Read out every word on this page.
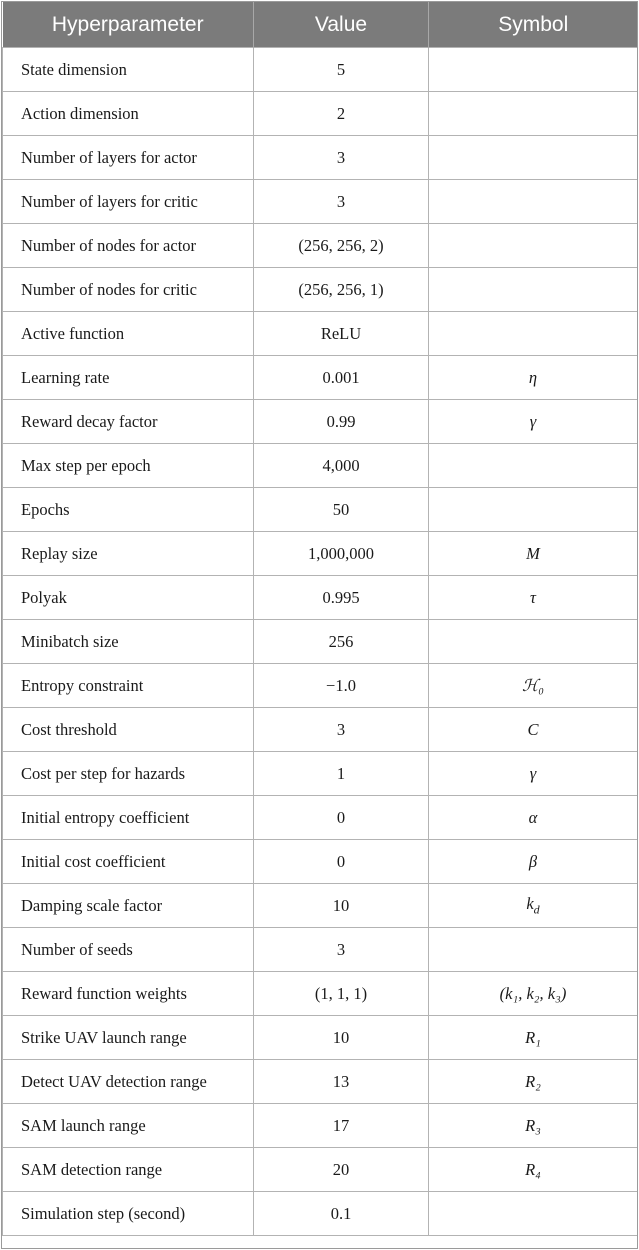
Hyperparameter	Value	Symbol
State dimension	5	
Action dimension	2	
Number of layers for actor	3	
Number of layers for critic	3	
Number of nodes for actor	(256, 256, 2)	
Number of nodes for critic	(256, 256, 1)	
Active function	ReLU	
Learning rate	0.001	η
Reward decay factor	0.99	γ
Max step per epoch	4,000	
Epochs	50	
Replay size	1,000,000	M
Polyak	0.995	τ
Minibatch size	256	
Entropy constraint	−1.0	ℋ₀
Cost threshold	3	C
Cost per step for hazards	1	γ
Initial entropy coefficient	0	α
Initial cost coefficient	0	β
Damping scale factor	10	$k_d$
Number of seeds	3	
Reward function weights	(1, 1, 1)	(k₁, k₂, k₃)
Strike UAV launch range	10	R₁
Detect UAV detection range	13	R₂
SAM launch range	17	R₃
SAM detection range	20	R₄
Simulation step (second)	0.1	
